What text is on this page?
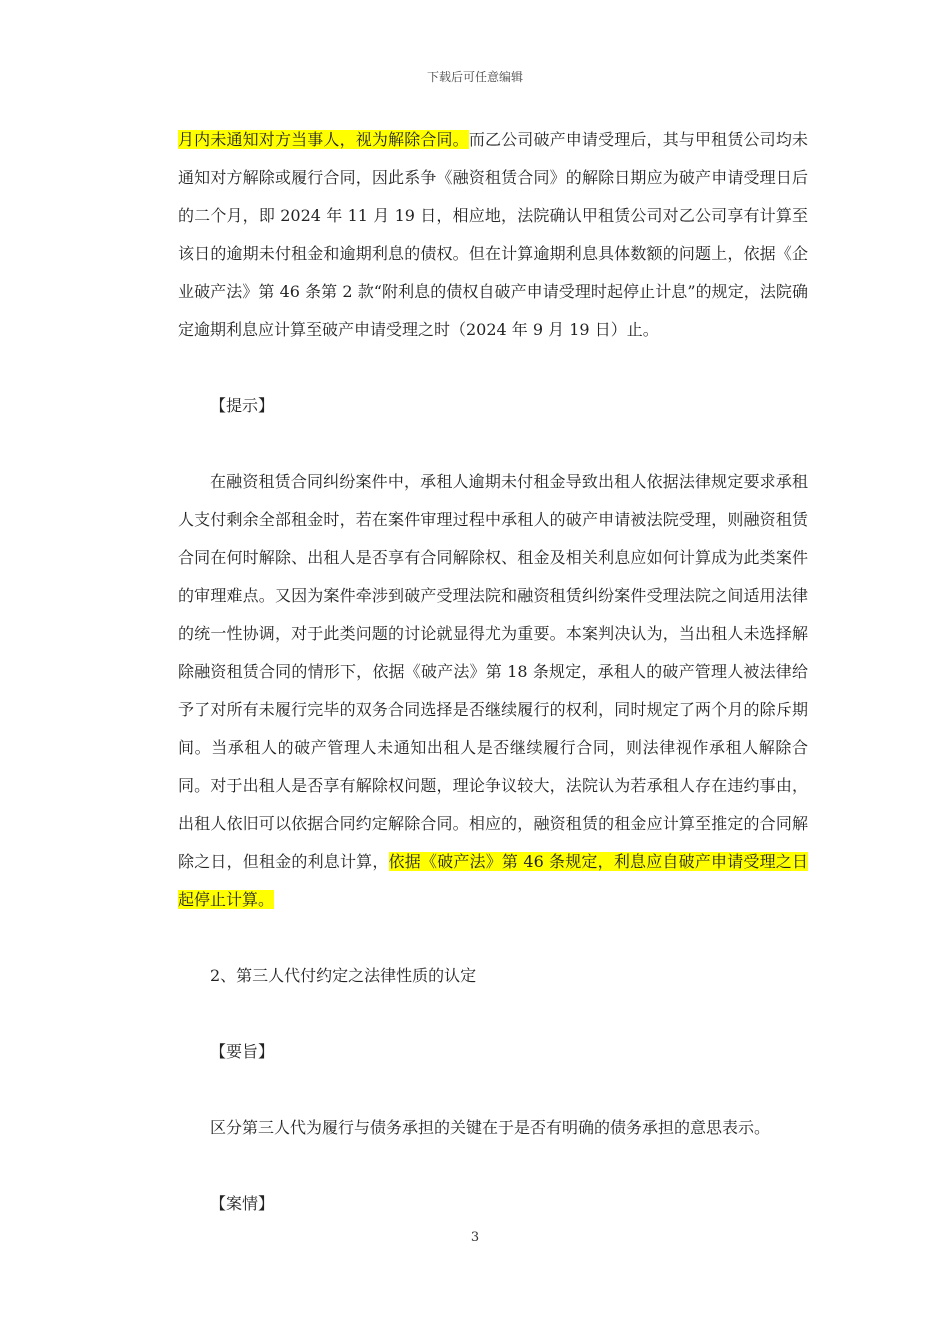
下载后可任意编辑

月内未通知对方当事人，视为解除合同。而乙公司破产申请受理后，其与甲租赁公司均未通知对方解除或履行合同，因此系争《融资租赁合同》的解除日期应为破产申请受理日后的二个月，即 2024 年 11 月 19 日，相应地，法院确认甲租赁公司对乙公司享有计算至该日的逾期未付租金和逾期利息的债权。但在计算逾期利息具体数额的问题上，依据《企业破产法》第 46 条第 2 款“附利息的债权自破产申请受理时起停止计息”的规定，法院确定逾期利息应计算至破产申请受理之时（2024 年 9 月 19 日）止。

【提示】

在融资租赁合同纠纷案件中，承租人逾期未付租金导致出租人依据法律规定要求承租人支付剩余全部租金时，若在案件审理过程中承租人的破产申请被法院受理，则融资租赁合同在何时解除、出租人是否享有合同解除权、租金及相关利息应如何计算成为此类案件的审理难点。又因为案件牵涉到破产受理法院和融资租赁纠纷案件受理法院之间适用法律的统一性协调，对于此类问题的讨论就显得尤为重要。本案判决认为，当出租人未选择解除融资租赁合同的情形下，依据《破产法》第 18 条规定，承租人的破产管理人被法律给予了对所有未履行完毕的双务合同选择是否继续履行的权利，同时规定了两个月的除斥期间。当承租人的破产管理人未通知出租人是否继续履行合同，则法律视作承租人解除合同。对于出租人是否享有解除权问题，理论争议较大，法院认为若承租人存在违约事由，出租人依旧可以依据合同约定解除合同。相应的，融资租赁的租金应计算至推定的合同解除之日，但租金的利息计算，依据《破产法》第 46 条规定，利息应自破产申请受理之日起停止计算。

2、第三人代付约定之法律性质的认定

【要旨】

区分第三人代为履行与债务承担的关键在于是否有明确的债务承担的意思表示。

【案情】

3
